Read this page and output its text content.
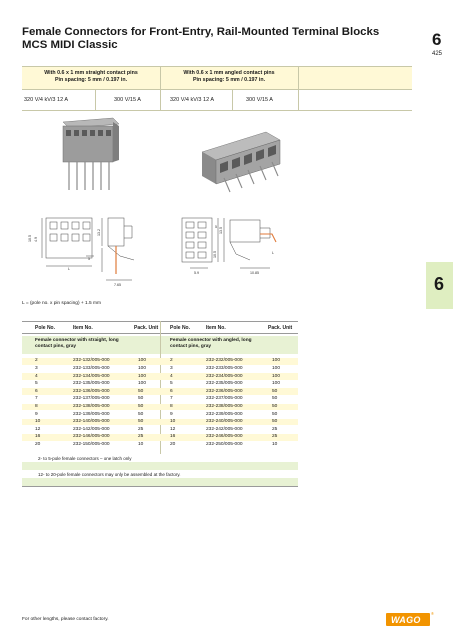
Female Connectors for Front-Entry, Rail-Mounted Terminal Blocks
MCS MIDI Classic	6
425
6
With 0.6 x 1 mm straight contact pins
Pin spacing: 5 mm / 0.197 in.
With 0.6 x 1 mm angled contact pins
Pin spacing: 5 mm / 0.197 in.
320 V/4 kV/3 12 A	300 V/15 A	320 V/4 kV/3 12 A	300 V/15 A
4.9
10.5
5
13.2
L
7.65
5 13.5
10.5
5.9	10.85
L
L = (pole no. x pin spacing) + 1.5 mm
Pole No.	Item No.	Pack. Unit Pole No.	Item No.	Pack. Unit
Female connector with straight, long
contact pins, gray
Female connector with angled, long
contact pins, gray
2	232-132/005-000	100	2	232-232/005-000	100
3	232-133/005-000	100	3	232-233/005-000	100
4	232-134/005-000	100	4	232-234/005-000	100
5	232-135/005-000	100	5	232-235/005-000	100
6	232-136/005-000	50	6	232-236/005-000	50
7	232-137/005-000	50	7	232-237/005-000	50
8	232-138/005-000	50	8	232-238/005-000	50
9	232-139/005-000	50	9	232-239/005-000	50
10	232-140/005-000	50	10	232-240/005-000	50
12	232-142/005-000	25	12	232-242/005-000	25
16	232-146/005-000	25	16	232-246/005-000	25
20	232-150/005-000	10	20	232-250/005-000	10
2- to 5-pole female connectors – one latch only
12- to 20-pole female connectors may only be assembled at the factory.
For other lengths, please contact factory.	WAGO
®
